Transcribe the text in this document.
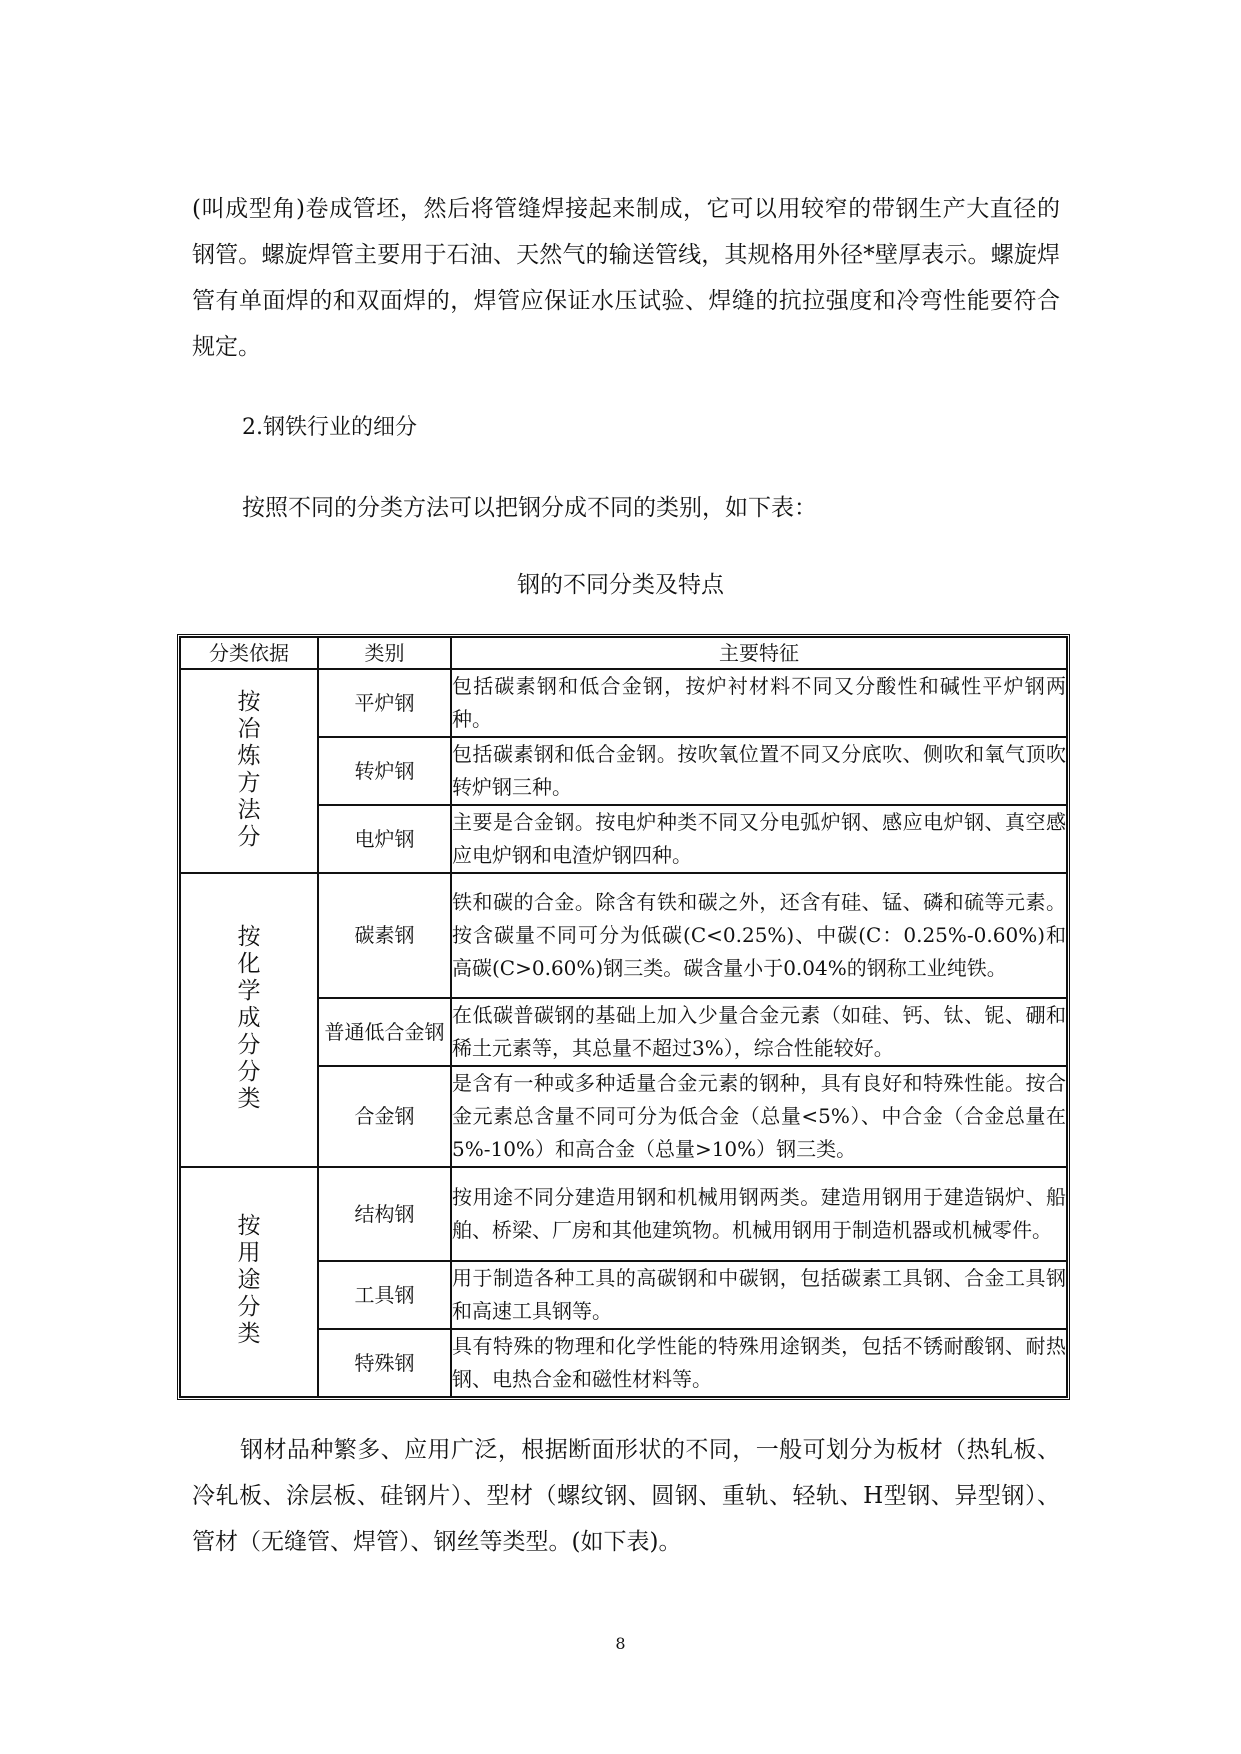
(叫成型角)卷成管坯，然后将管缝焊接起来制成，它可以用较窄的带钢生产大直径的钢管。螺旋焊管主要用于石油、天然气的输送管线，其规格用外径*壁厚表示。螺旋焊管有单面焊的和双面焊的，焊管应保证水压试验、焊缝的抗拉强度和冷弯性能要符合规定。

2.钢铁行业的细分

按照不同的分类方法可以把钢分成不同的类别，如下表：

钢的不同分类及特点

分类依据	类别	主要特征
按冶炼方法分	平炉钢	包括碳素钢和低合金钢，按炉衬材料不同又分酸性和碱性平炉钢两种。
	转炉钢	包括碳素钢和低合金钢。按吹氧位置不同又分底吹、侧吹和氧气顶吹转炉钢三种。
	电炉钢	主要是合金钢。按电炉种类不同又分电弧炉钢、感应电炉钢、真空感应电炉钢和电渣炉钢四种。
按化学成分分类	碳素钢	铁和碳的合金。除含有铁和碳之外，还含有硅、锰、磷和硫等元素。按含碳量不同可分为低碳(C<0.25%)、中碳(C：0.25%-0.60%)和高碳(C>0.60%)钢三类。碳含量小于0.04%的钢称工业纯铁。
	普通低合金钢	在低碳普碳钢的基础上加入少量合金元素（如硅、钙、钛、铌、硼和稀土元素等，其总量不超过3%），综合性能较好。
	合金钢	是含有一种或多种适量合金元素的钢种，具有良好和特殊性能。按合金元素总含量不同可分为低合金（总量<5%）、中合金（合金总量在5%-10%）和高合金（总量>10%）钢三类。
按用途分类	结构钢	按用途不同分建造用钢和机械用钢两类。建造用钢用于建造锅炉、船舶、桥梁、厂房和其他建筑物。机械用钢用于制造机器或机械零件。
	工具钢	用于制造各种工具的高碳钢和中碳钢，包括碳素工具钢、合金工具钢和高速工具钢等。
	特殊钢	具有特殊的物理和化学性能的特殊用途钢类，包括不锈耐酸钢、耐热钢、电热合金和磁性材料等。

钢材品种繁多、应用广泛，根据断面形状的不同，一般可划分为板材（热轧板、冷轧板、涂层板、硅钢片）、型材（螺纹钢、圆钢、重轨、轻轨、H型钢、异型钢）、管材（无缝管、焊管）、钢丝等类型。(如下表)。

8
